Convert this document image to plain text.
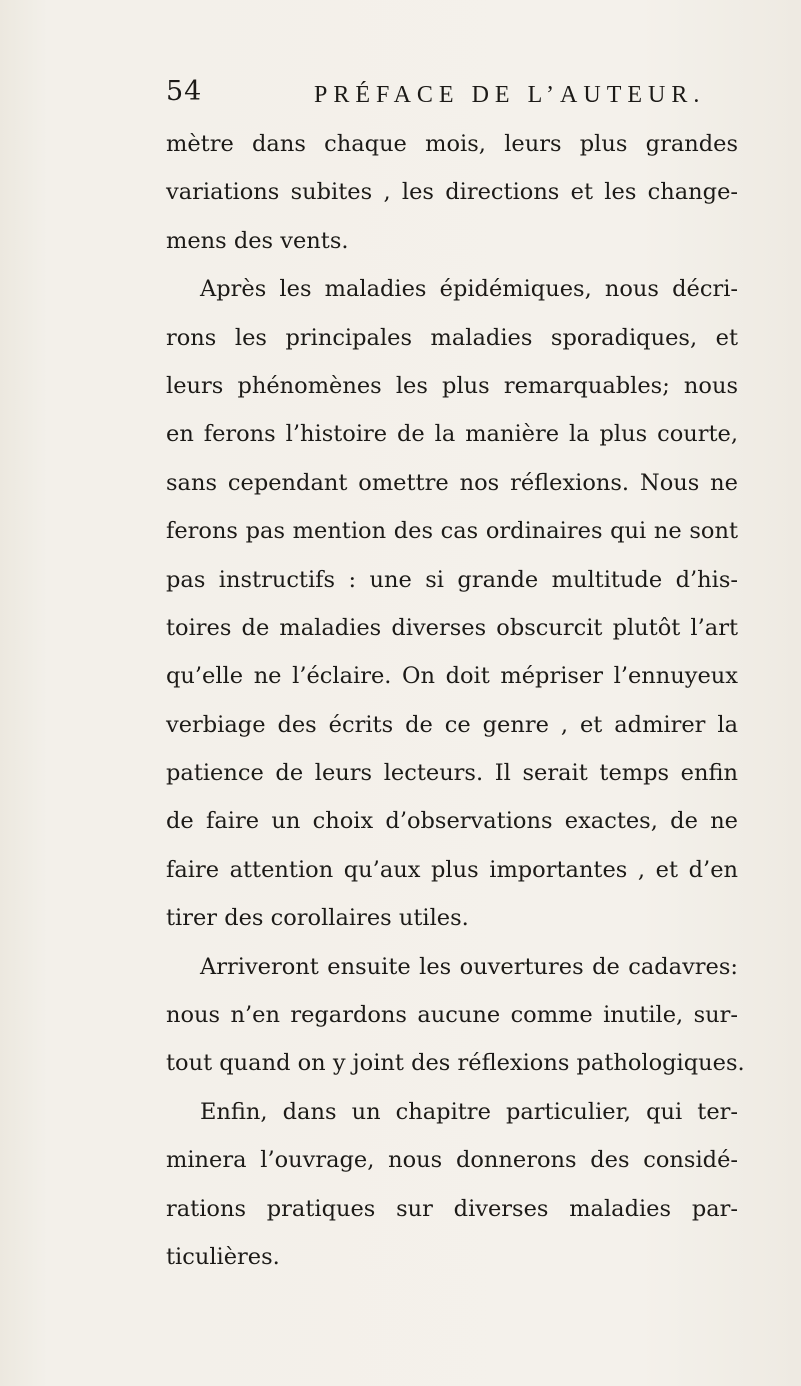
54	PRÉFACE DE L’AUTEUR.
mètre dans chaque mois, leurs plus grandes
variations subites , les directions et les change-
mens des vents.
Après les maladies épidémiques, nous décri-
rons les principales maladies sporadiques, et
leurs phénomènes les plus remarquables; nous
en ferons l’histoire de la manière la plus courte,
sans cependant omettre nos réflexions. Nous ne
ferons pas mention des cas ordinaires qui ne sont
pas instructifs : une si grande multitude d’his-
toires de maladies diverses obscurcit plutôt l’art
qu’elle ne l’éclaire. On doit mépriser l’ennuyeux
verbiage des écrits de ce genre , et admirer la
patience de leurs lecteurs. Il serait temps enfin
de faire un choix d’observations exactes, de ne
faire attention qu’aux plus importantes , et d’en
tirer des corollaires utiles.
Arriveront ensuite les ouvertures de cadavres:
nous n’en regardons aucune comme inutile, sur-
tout quand on y joint des réflexions pathologiques.
Enfin, dans un chapitre particulier, qui ter-
minera l’ouvrage, nous donnerons des considé-
rations pratiques sur diverses maladies par-
ticulières.
